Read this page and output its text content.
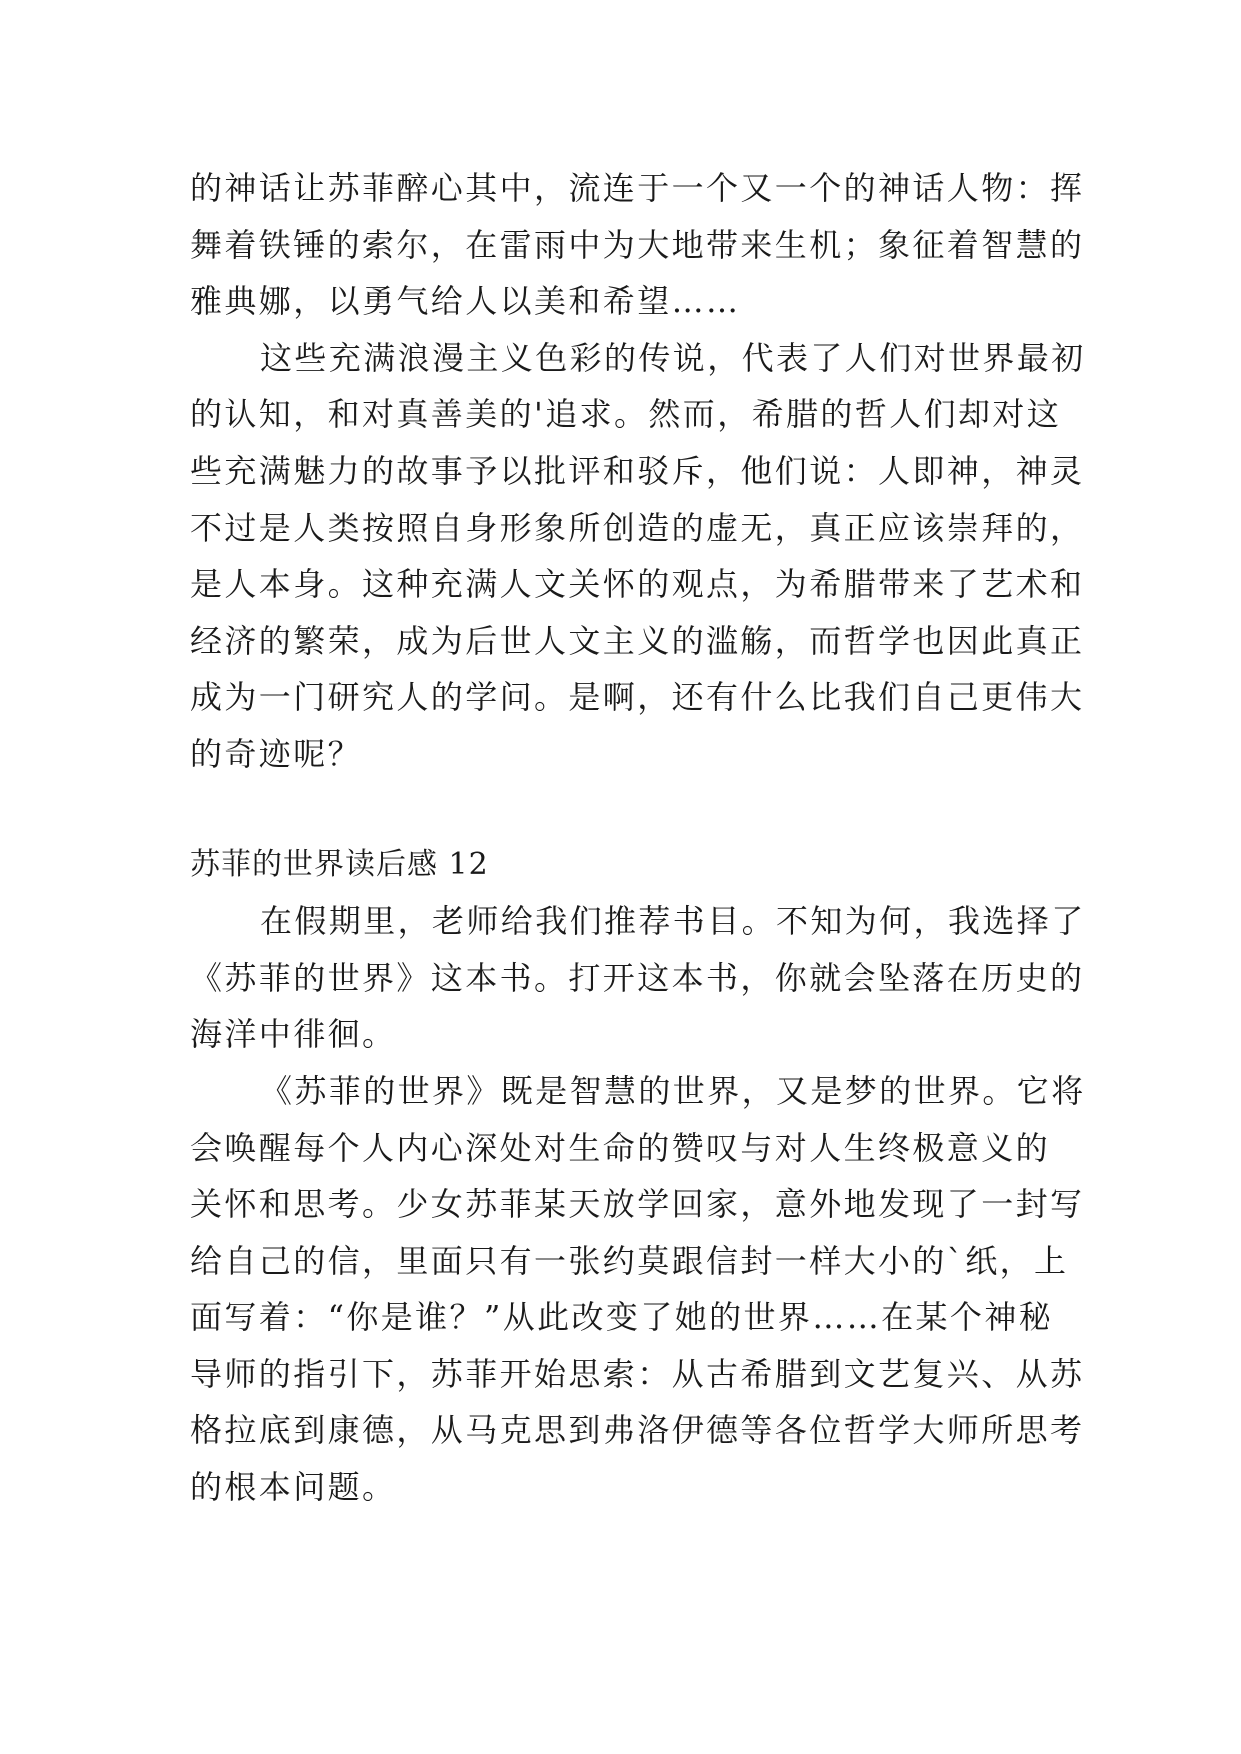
的神话让苏菲醉心其中，流连于一个又一个的神话人物：挥
舞着铁锤的索尔，在雷雨中为大地带来生机；象征着智慧的
雅典娜，以勇气给人以美和希望……
这些充满浪漫主义色彩的传说，代表了人们对世界最初
的认知，和对真善美的'追求。然而，希腊的哲人们却对这
些充满魅力的故事予以批评和驳斥，他们说：人即神，神灵
不过是人类按照自身形象所创造的虚无，真正应该崇拜的，
是人本身。这种充满人文关怀的观点，为希腊带来了艺术和
经济的繁荣，成为后世人文主义的滥觞，而哲学也因此真正
成为一门研究人的学问。是啊，还有什么比我们自己更伟大
的奇迹呢？
苏菲的世界读后感 12
在假期里，老师给我们推荐书目。不知为何，我选择了
《苏菲的世界》这本书。打开这本书，你就会坠落在历史的
海洋中徘徊。
《苏菲的世界》既是智慧的世界，又是梦的世界。它将
会唤醒每个人内心深处对生命的赞叹与对人生终极意义的
关怀和思考。少女苏菲某天放学回家，意外地发现了一封写
给自己的信，里面只有一张约莫跟信封一样大小的`纸，上
面写着：“你是谁？”从此改变了她的世界……在某个神秘
导师的指引下，苏菲开始思索：从古希腊到文艺复兴、从苏
格拉底到康德，从马克思到弗洛伊德等各位哲学大师所思考
的根本问题。
